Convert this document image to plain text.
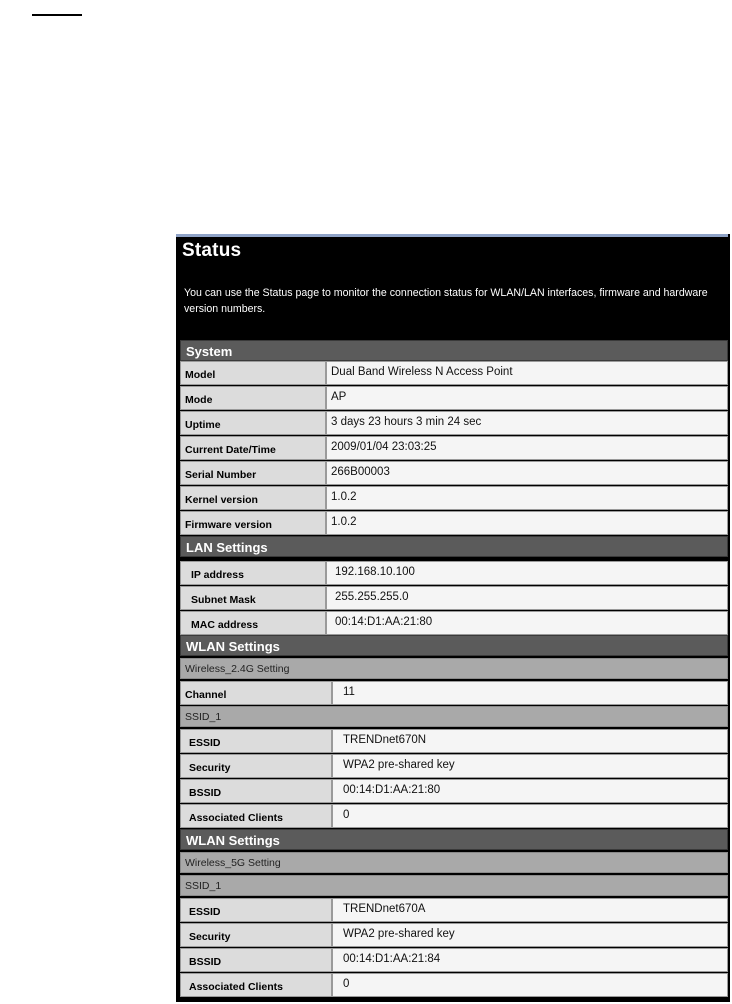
Status
You can use the Status page to monitor the connection status for WLAN/LAN interfaces, firmware and hardware version numbers.
System
Model	Dual Band Wireless N Access Point
Mode	AP
Uptime	3 days 23 hours 3 min 24 sec
Current Date/Time	2009/01/04 23:03:25
Serial Number	266B00003
Kernel version	1.0.2
Firmware version	1.0.2
LAN Settings
IP address	192.168.10.100
Subnet Mask	255.255.255.0
MAC address	00:14:D1:AA:21:80
WLAN Settings
Wireless_2.4G Setting
Channel	11
SSID_1
ESSID	TRENDnet670N
Security	WPA2 pre-shared key
BSSID	00:14:D1:AA:21:80
Associated Clients	0
WLAN Settings
Wireless_5G Setting
SSID_1
ESSID	TRENDnet670A
Security	WPA2 pre-shared key
BSSID	00:14:D1:AA:21:84
Associated Clients	0
